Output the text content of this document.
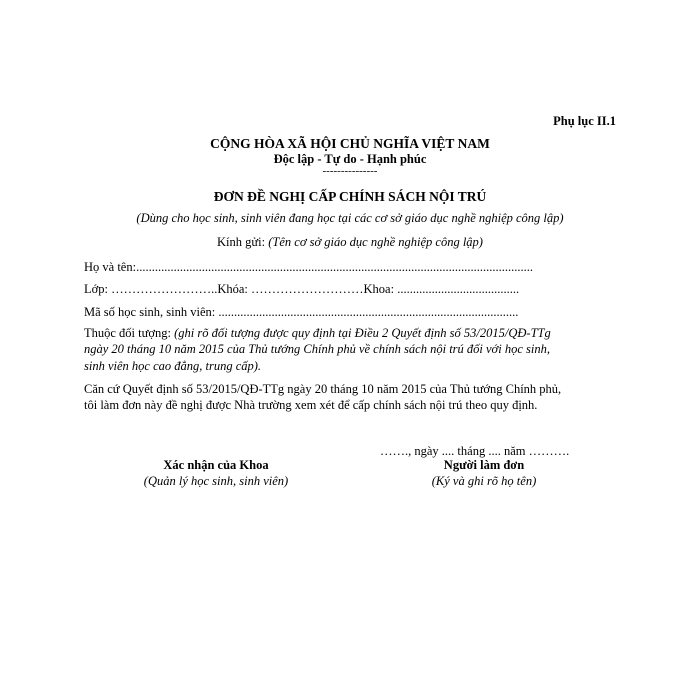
Phụ lục II.1
CỘNG HÒA XÃ HỘI CHỦ NGHĨA VIỆT NAM
Độc lập - Tự do - Hạnh phúc
---------------
ĐƠN ĐỀ NGHỊ CẤP CHÍNH SÁCH NỘI TRÚ
(Dùng cho học sinh, sinh viên đang học tại các cơ sở giáo dục nghề nghiệp công lập)
Kính gửi: (Tên cơ sở giáo dục nghề nghiệp công lập)
Họ và tên:...............................................................................................................................
Lớp: ……………………..Khóa: ………………………Khoa: .......................................
Mã số học sinh, sinh viên: ................................................................................................
Thuộc đối tượng: (ghi rõ đối tượng được quy định tại Điều 2 Quyết định số 53/2015/QĐ-TTg
ngày 20 tháng 10 năm 2015 của Thủ tướng Chính phủ về chính sách nội trú đối với học sinh,
sinh viên học cao đẳng, trung cấp).
Căn cứ Quyết định số 53/2015/QĐ-TTg ngày 20 tháng 10 năm 2015 của Thủ tướng Chính phủ,
tôi làm đơn này đề nghị được Nhà trường xem xét để cấp chính sách nội trú theo quy định.
……., ngày .... tháng .... năm ……….
Xác nhận của Khoa
(Quản lý học sinh, sinh viên)
Người làm đơn
(Ký và ghi rõ họ tên)
